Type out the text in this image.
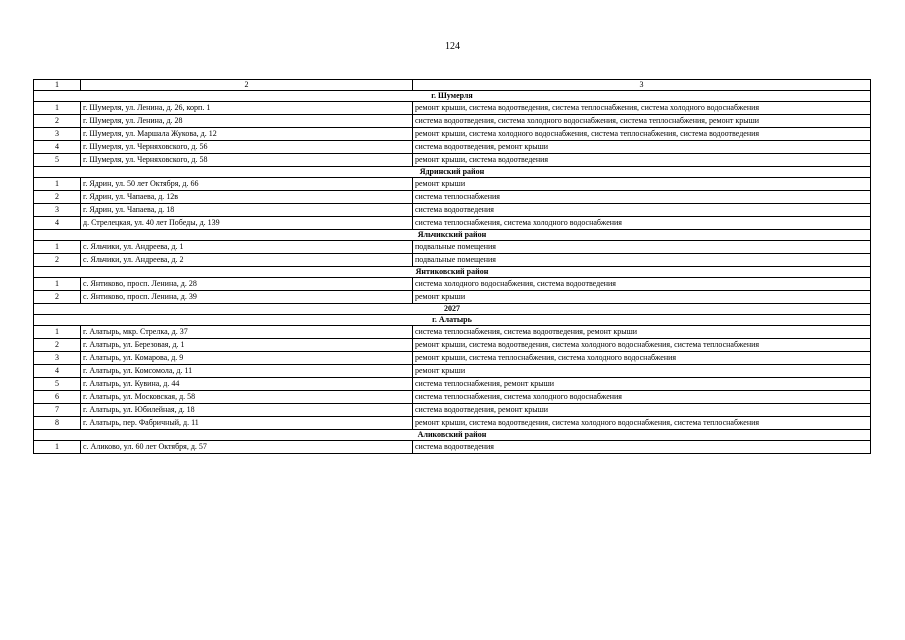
124
1	2	3
г. Шумерля		
1	г. Шумерля, ул. Ленина, д. 26, корп. 1	ремонт крыши, система водоотведения, система теплоснабжения, система холодного водоснабжения
2	г. Шумерля, ул. Ленина, д. 28	система водоотведения, система холодного водоснабжения, система теплоснабжения, ремонт крыши
3	г. Шумерля, ул. Маршала Жукова, д. 12	ремонт крыши, система холодного водоснабжения, система теплоснабжения, система водоотведения
4	г. Шумерля, ул. Черняховского, д. 56	система водоотведения, ремонт крыши
5	г. Шумерля, ул. Черняховского, д. 58	ремонт крыши, система водоотведения
Ядринский район		
1	г. Ядрин, ул. 50 лет Октября, д. 66	ремонт крыши
2	г. Ядрин, ул. Чапаева, д. 12в	система теплоснабжения
3	г. Ядрин, ул. Чапаева, д. 18	система водоотведения
4	д. Стрелецкая, ул. 40 лет Победы, д. 139	система теплоснабжения, система холодного водоснабжения
Яльчикский район		
1	с. Яльчики, ул. Андреева, д. 1	подвальные помещения
2	с. Яльчики, ул. Андреева, д. 2	подвальные помещения
Янтиковский район		
1	с. Янтиково, просп. Ленина, д. 28	система холодного водоснабжения, система водоотведения
2	с. Янтиково, просп. Ленина, д. 39	ремонт крыши
2027		
г. Алатырь		
1	г. Алатырь, мкр. Стрелка, д. 37	система теплоснабжения, система водоотведения, ремонт крыши
2	г. Алатырь, ул. Березовая, д. 1	ремонт крыши, система водоотведения, система холодного водоснабжения, система теплоснабжения
3	г. Алатырь, ул. Комарова, д. 9	ремонт крыши, система теплоснабжения, система холодного водоснабжения
4	г. Алатырь, ул. Комсомола, д. 11	ремонт крыши
5	г. Алатырь, ул. Кувина, д. 44	система теплоснабжения, ремонт крыши
6	г. Алатырь, ул. Московская, д. 58	система теплоснабжения, система холодного водоснабжения
7	г. Алатырь, ул. Юбилейная, д. 18	система водоотведения, ремонт крыши
8	г. Алатырь, пер. Фабричный, д. 11	ремонт крыши, система водоотведения, система холодного водоснабжения, система теплоснабжения
Аликовский район		
1	с. Аликово, ул. 60 лет Октября, д. 57	система водоотведения
